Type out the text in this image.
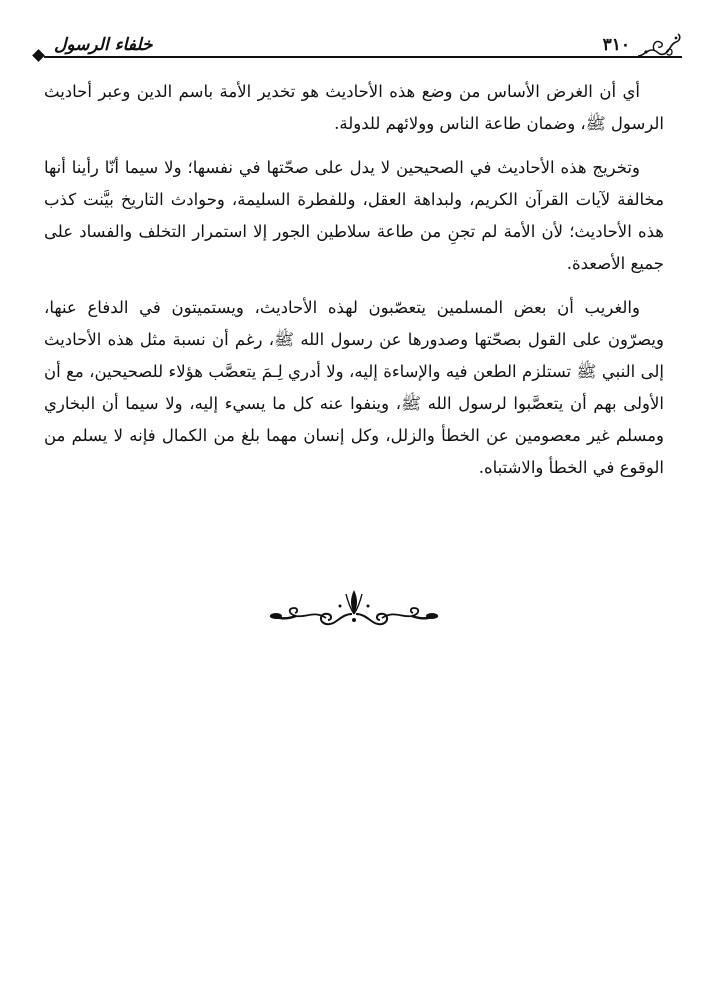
خلفاء الرسول	٣١٠

أي أن الغرض الأساس من وضع هذه الأحاديث هو تخدير الأمة باسم الدين وعبر أحاديث الرسول ﷺ، وضمان طاعة الناس وولائهم للدولة.

وتخريج هذه الأحاديث في الصحيحين لا يدل على صحّتها في نفسها؛ ولا سيما أنّا رأينا أنها مخالفة لآيات القرآن الكريم، ولبداهة العقل، وللفطرة السليمة، وحوادث التاريخ بيَّنت كذب هذه الأحاديث؛ لأن الأمة لم تجنِ من طاعة سلاطين الجور إلا استمرار التخلف والفساد على جميع الأصعدة.

والغريب أن بعض المسلمين يتعصّبون لهذه الأحاديث، ويستميتون في الدفاع عنها، ويصرّون على القول بصحّتها وصدورها عن رسول الله ﷺ، رغم أن نسبة مثل هذه الأحاديث إلى النبي ﷺ تستلزم الطعن فيه والإساءة إليه، ولا أدري لِـمَ يتعصَّب هؤلاء للصحيحين، مع أن الأولى بهم أن يتعصَّبوا لرسول الله ﷺ، وينفوا عنه كل ما يسيء إليه، ولا سيما أن البخاري ومسلم غير معصومين عن الخطأ والزلل، وكل إنسان مهما بلغ من الكمال فإنه لا يسلم من الوقوع في الخطأ والاشتباه.
